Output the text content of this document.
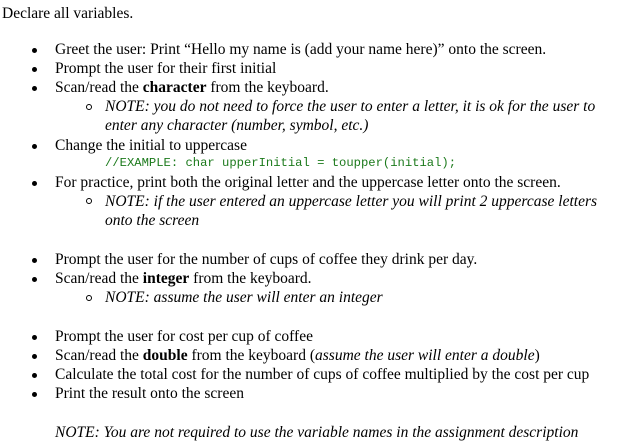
Declare all variables.
Greet the user: Print “Hello my name is (add your name here)” onto the screen.
Prompt the user for their first initial
Scan/read the character from the keyboard.
NOTE: you do not need to force the user to enter a letter, it is ok for the user to
enter any character (number, symbol, etc.)
Change the initial to uppercase
//EXAMPLE: char upperInitial = toupper(initial);
For practice, print both the original letter and the uppercase letter onto the screen.
NOTE: if the user entered an uppercase letter you will print 2 uppercase letters
onto the screen
Prompt the user for the number of cups of coffee they drink per day.
Scan/read the integer from the keyboard.
NOTE: assume the user will enter an integer
Prompt the user for cost per cup of coffee
Scan/read the double from the keyboard (assume the user will enter a double)
Calculate the total cost for the number of cups of coffee multiplied by the cost per cup
Print the result onto the screen
NOTE: You are not required to use the variable names in the assignment description
